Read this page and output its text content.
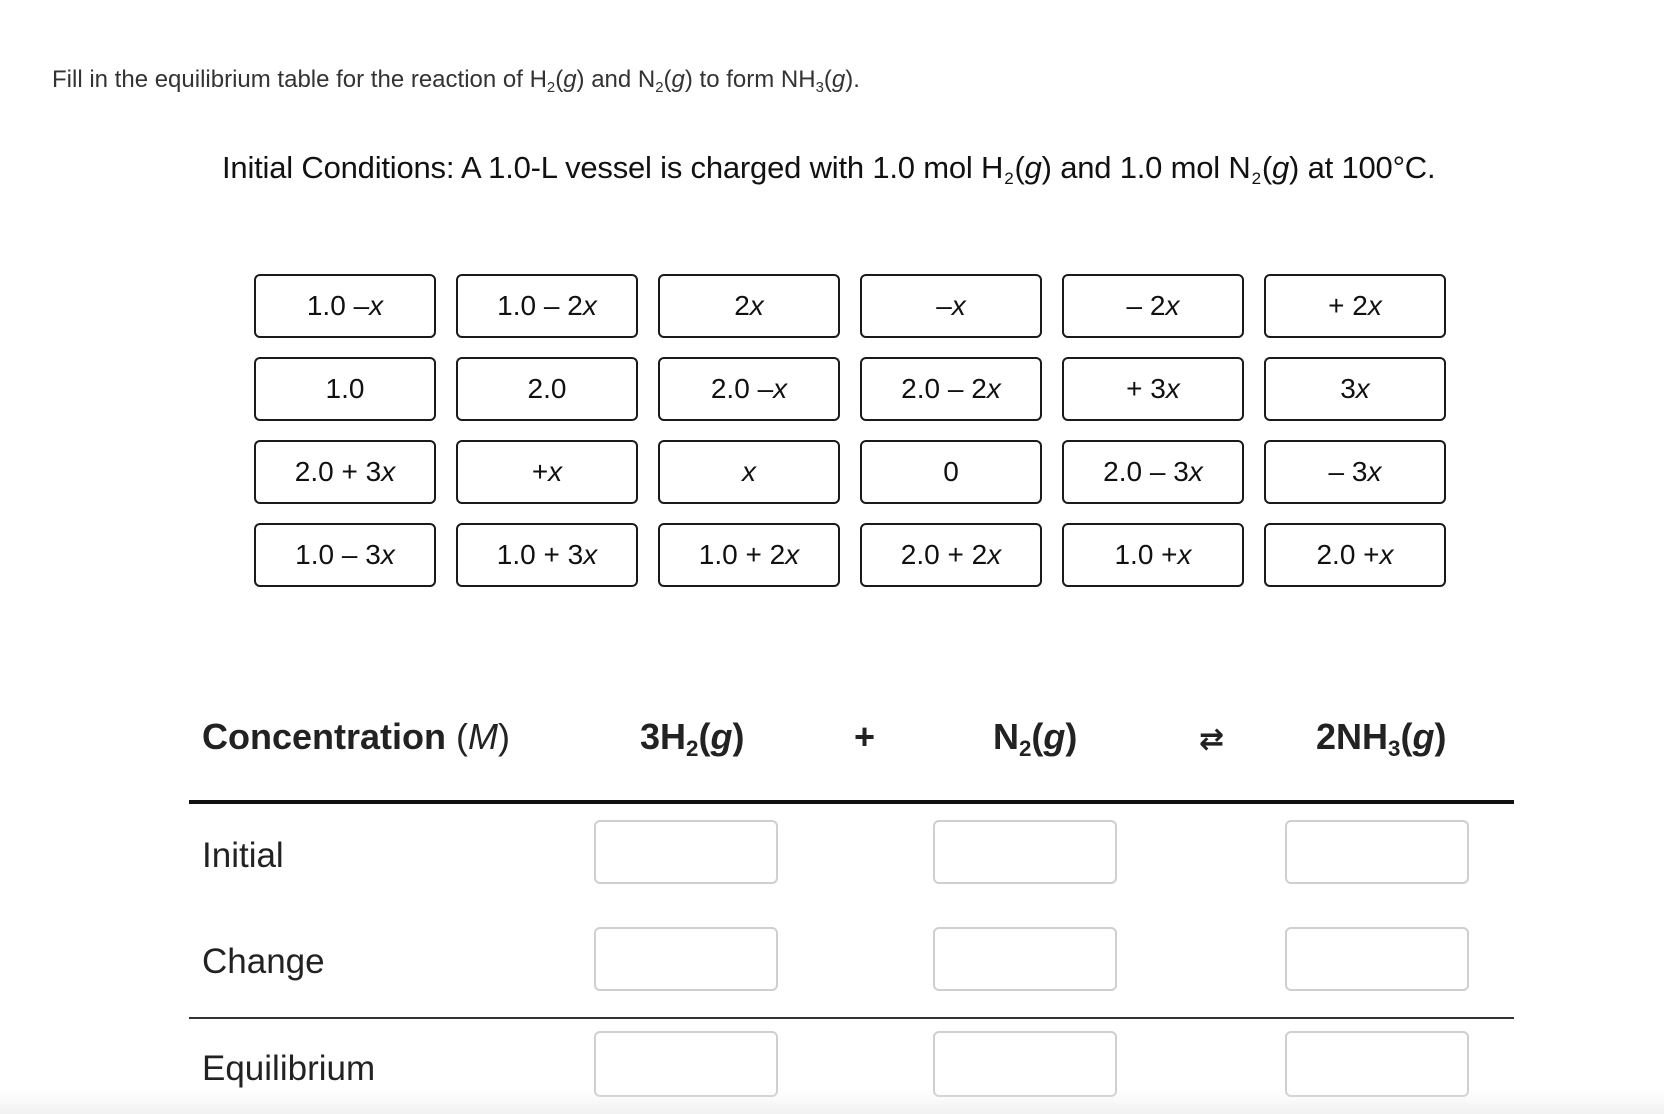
Fill in the equilibrium table for the reaction of H2(g) and N2(g) to form NH3(g).
Initial Conditions: A 1.0-L vessel is charged with 1.0 mol H2(g) and 1.0 mol N2(g) at 100°C.
1.0 – x	1.0 – 2 x	2 x	– x	– 2 x	+ 2 x
1.0	2.0	2.0 – x	2.0 – 2 x	+ 3 x	3 x
2.0 + 3 x	+ x	x	0	2.0 – 3 x	– 3 x
1.0 – 3 x	1.0 + 3 x	1.0 + 2 x	2.0 + 2 x	1.0 + x	2.0 + x
Concentration (M)	3H2(g)	+	N2(g)	⇄	2NH3(g)
Initial
Change
Equilibrium
